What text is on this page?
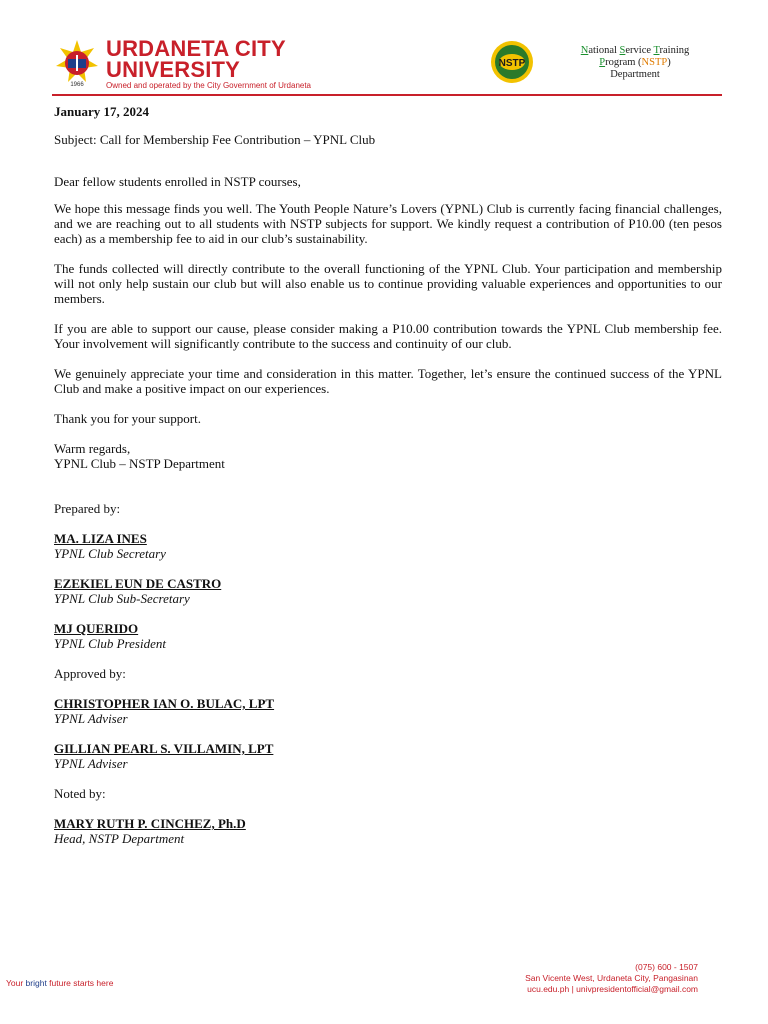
1966
URDANETA CITY
UNIVERSITY
Owned and operated by the City Government of Urdaneta
NSTP
National Service Training
Program (NSTP)
Department

January 17, 2024

Subject: Call for Membership Fee Contribution – YPNL Club

Dear fellow students enrolled in NSTP courses,

We hope this message finds you well. The Youth People Nature’s Lovers (YPNL) Club is currently facing financial challenges, and we are reaching out to all students with NSTP subjects for support. We kindly request a contribution of P10.00 (ten pesos each) as a membership fee to aid in our club’s sustainability.

The funds collected will directly contribute to the overall functioning of the YPNL Club. Your participation and membership will not only help sustain our club but will also enable us to continue providing valuable experiences and opportunities to our members.

If you are able to support our cause, please consider making a P10.00 contribution towards the YPNL Club membership fee. Your involvement will significantly contribute to the success and continuity of our club.

We genuinely appreciate your time and consideration in this matter. Together, let’s ensure the continued success of the YPNL Club and make a positive impact on our experiences.

Thank you for your support.

Warm regards,

YPNL Club – NSTP Department

Prepared by:

MA. LIZA INES

YPNL Club Secretary

EZEKIEL EUN DE CASTRO

YPNL Club Sub-Secretary

MJ QUERIDO

YPNL Club President

Approved by:

CHRISTOPHER IAN O. BULAC, LPT

YPNL Adviser

GILLIAN PEARL S. VILLAMIN, LPT

YPNL Adviser

Noted by:

MARY RUTH P. CINCHEZ, Ph.D

Head, NSTP Department

Your bright future starts here
(075) 600 - 1507
San Vicente West, Urdaneta City, Pangasinan
ucu.edu.ph | univpresidentofficial@gmail.com
